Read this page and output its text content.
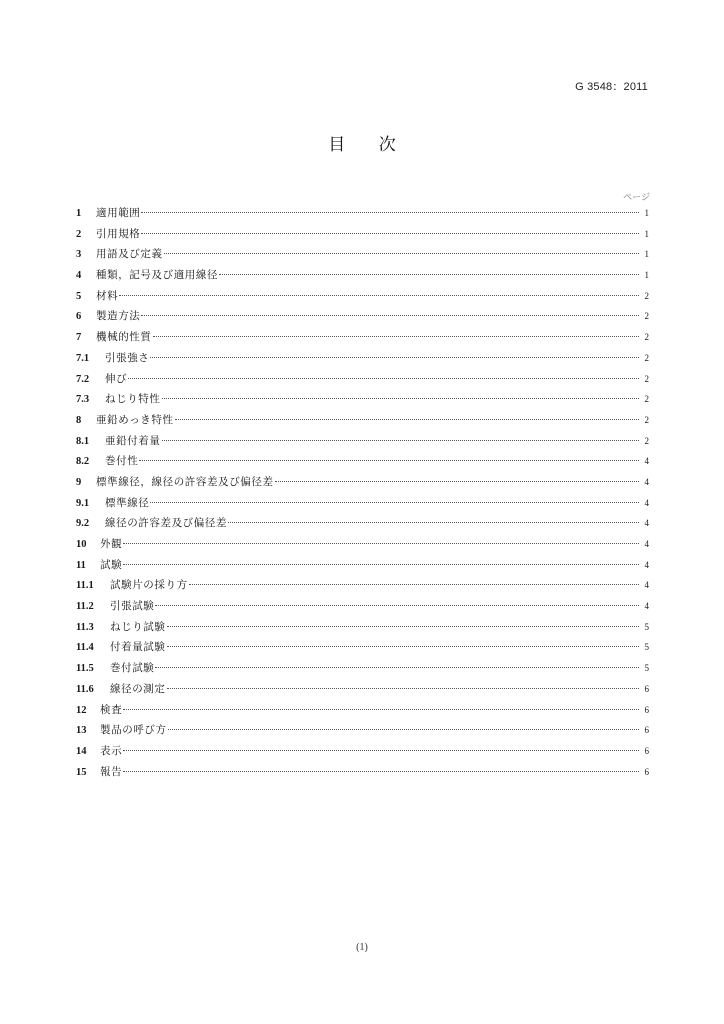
G 3548：2011
目 次
ページ
1	適用範囲	1
2	引用規格	1
3	用語及び定義	1
4	種類，記号及び適用線径	1
5	材料	2
6	製造方法	2
7	機械的性質	2
7.1	引張強さ	2
7.2	伸び	2
7.3	ねじり特性	2
8	亜鉛めっき特性	2
8.1	亜鉛付着量	2
8.2	巻付性	4
9	標準線径，線径の許容差及び偏径差	4
9.1	標準線径	4
9.2	線径の許容差及び偏径差	4
10	外観	4
11	試験	4
11.1	試験片の採り方	4
11.2	引張試験	4
11.3	ねじり試験	5
11.4	付着量試験	5
11.5	巻付試験	5
11.6	線径の測定	6
12	検査	6
13	製品の呼び方	6
14	表示	6
15	報告	6
(1)
